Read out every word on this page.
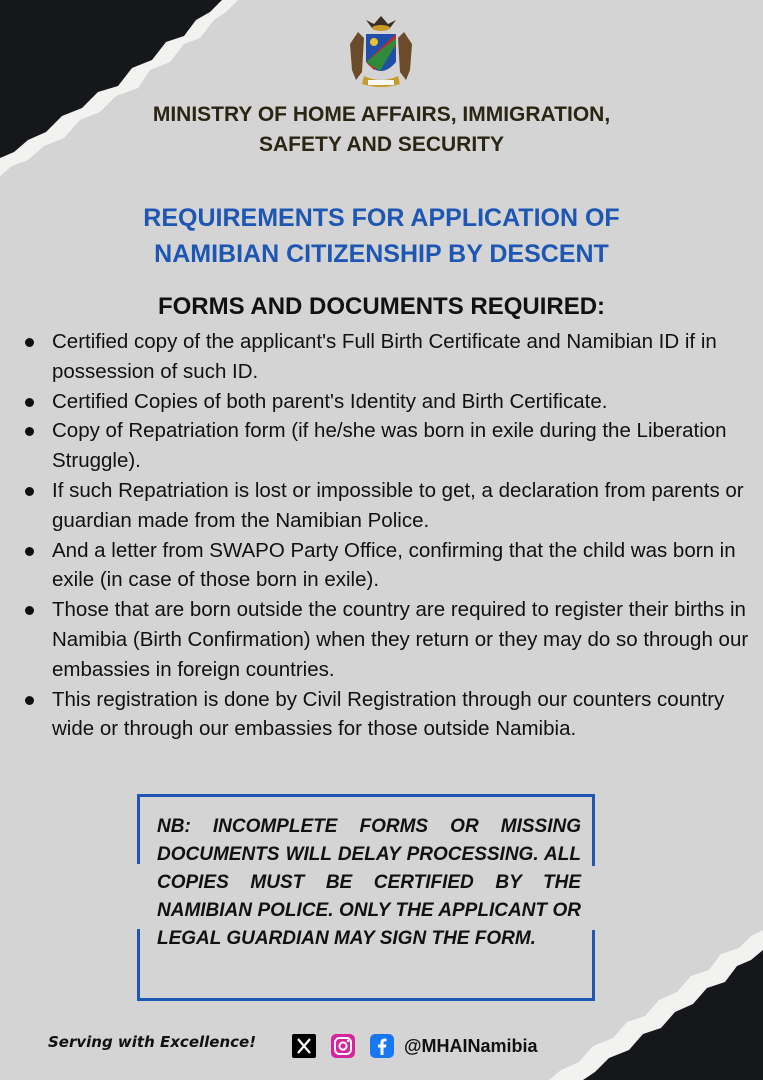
MINISTRY OF HOME AFFAIRS, IMMIGRATION,
SAFETY AND SECURITY
REQUIREMENTS FOR APPLICATION OF
NAMIBIAN CITIZENSHIP BY DESCENT
FORMS AND DOCUMENTS REQUIRED:
Certified copy of the applicant's Full Birth Certificate and Namibian ID if in possession of such ID.
Certified Copies of both parent's Identity and Birth Certificate.
Copy of Repatriation form (if he/she was born in exile during the Liberation Struggle).
If such Repatriation is lost or impossible to get, a declaration from parents or guardian made from the Namibian Police.
And a letter from SWAPO Party Office, confirming that the child was born in exile (in case of those born in exile).
Those that are born outside the country are required to register their births in Namibia (Birth Confirmation) when they return or they may do so through our embassies in foreign countries.
This registration is done by Civil Registration through our counters country wide or through our embassies for those outside Namibia.
NB: INCOMPLETE FORMS OR MISSING DOCUMENTS WILL DELAY PROCESSING. ALL COPIES MUST BE CERTIFIED BY THE NAMIBIAN POLICE. ONLY THE APPLICANT OR LEGAL GUARDIAN MAY SIGN THE FORM.
Serving with Excellence!	@MHAINamibia
